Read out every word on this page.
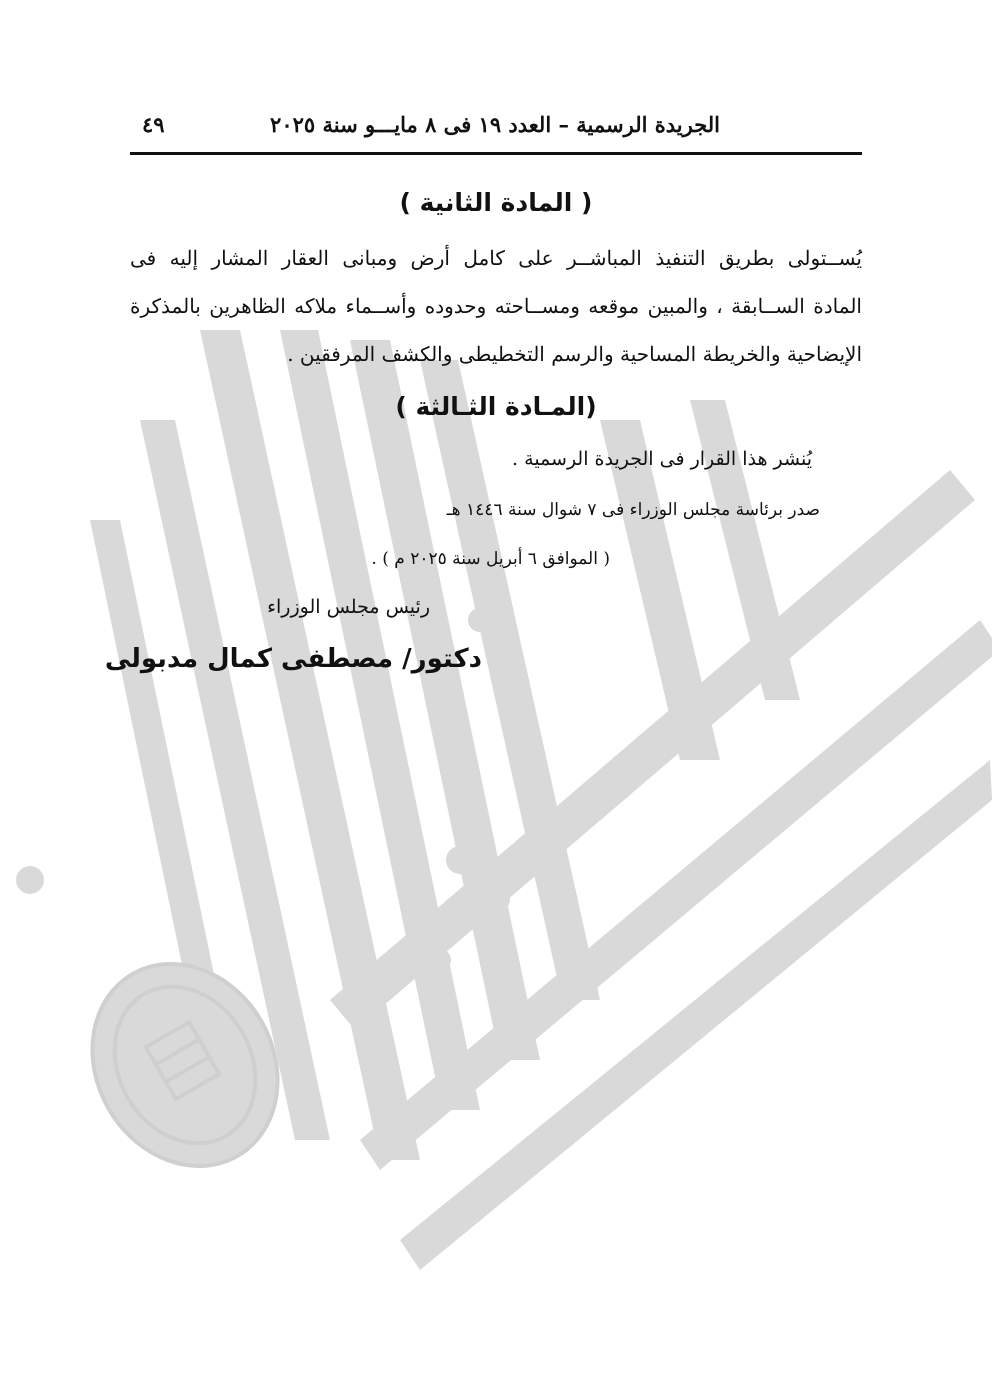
الجريدة الرسمية – العدد ١٩ فى ٨ مايـــو سنة ٢٠٢٥
٤٩
( المادة الثانية )
يُســتولى بطريق التنفيذ المباشــر على كامل أرض ومبانى العقار المشار إليه فى
المادة الســابقة ، والمبين موقعه ومســاحته وحدوده وأســماء ملاكه الظاهرين بالمذكرة
الإيضاحية والخريطة المساحية والرسم التخطيطى والكشف المرفقين .
(المـادة الثـالثة )
يُنشر هذا القرار فى الجريدة الرسمية .
صدر برئاسة مجلس الوزراء فى ٧ شوال سنة ١٤٤٦ هـ
( الموافق ٦ أبريل سنة ٢٠٢٥ م ) .
رئيس مجلس الوزراء
دكتور/ مصطفى كمال مدبولى
